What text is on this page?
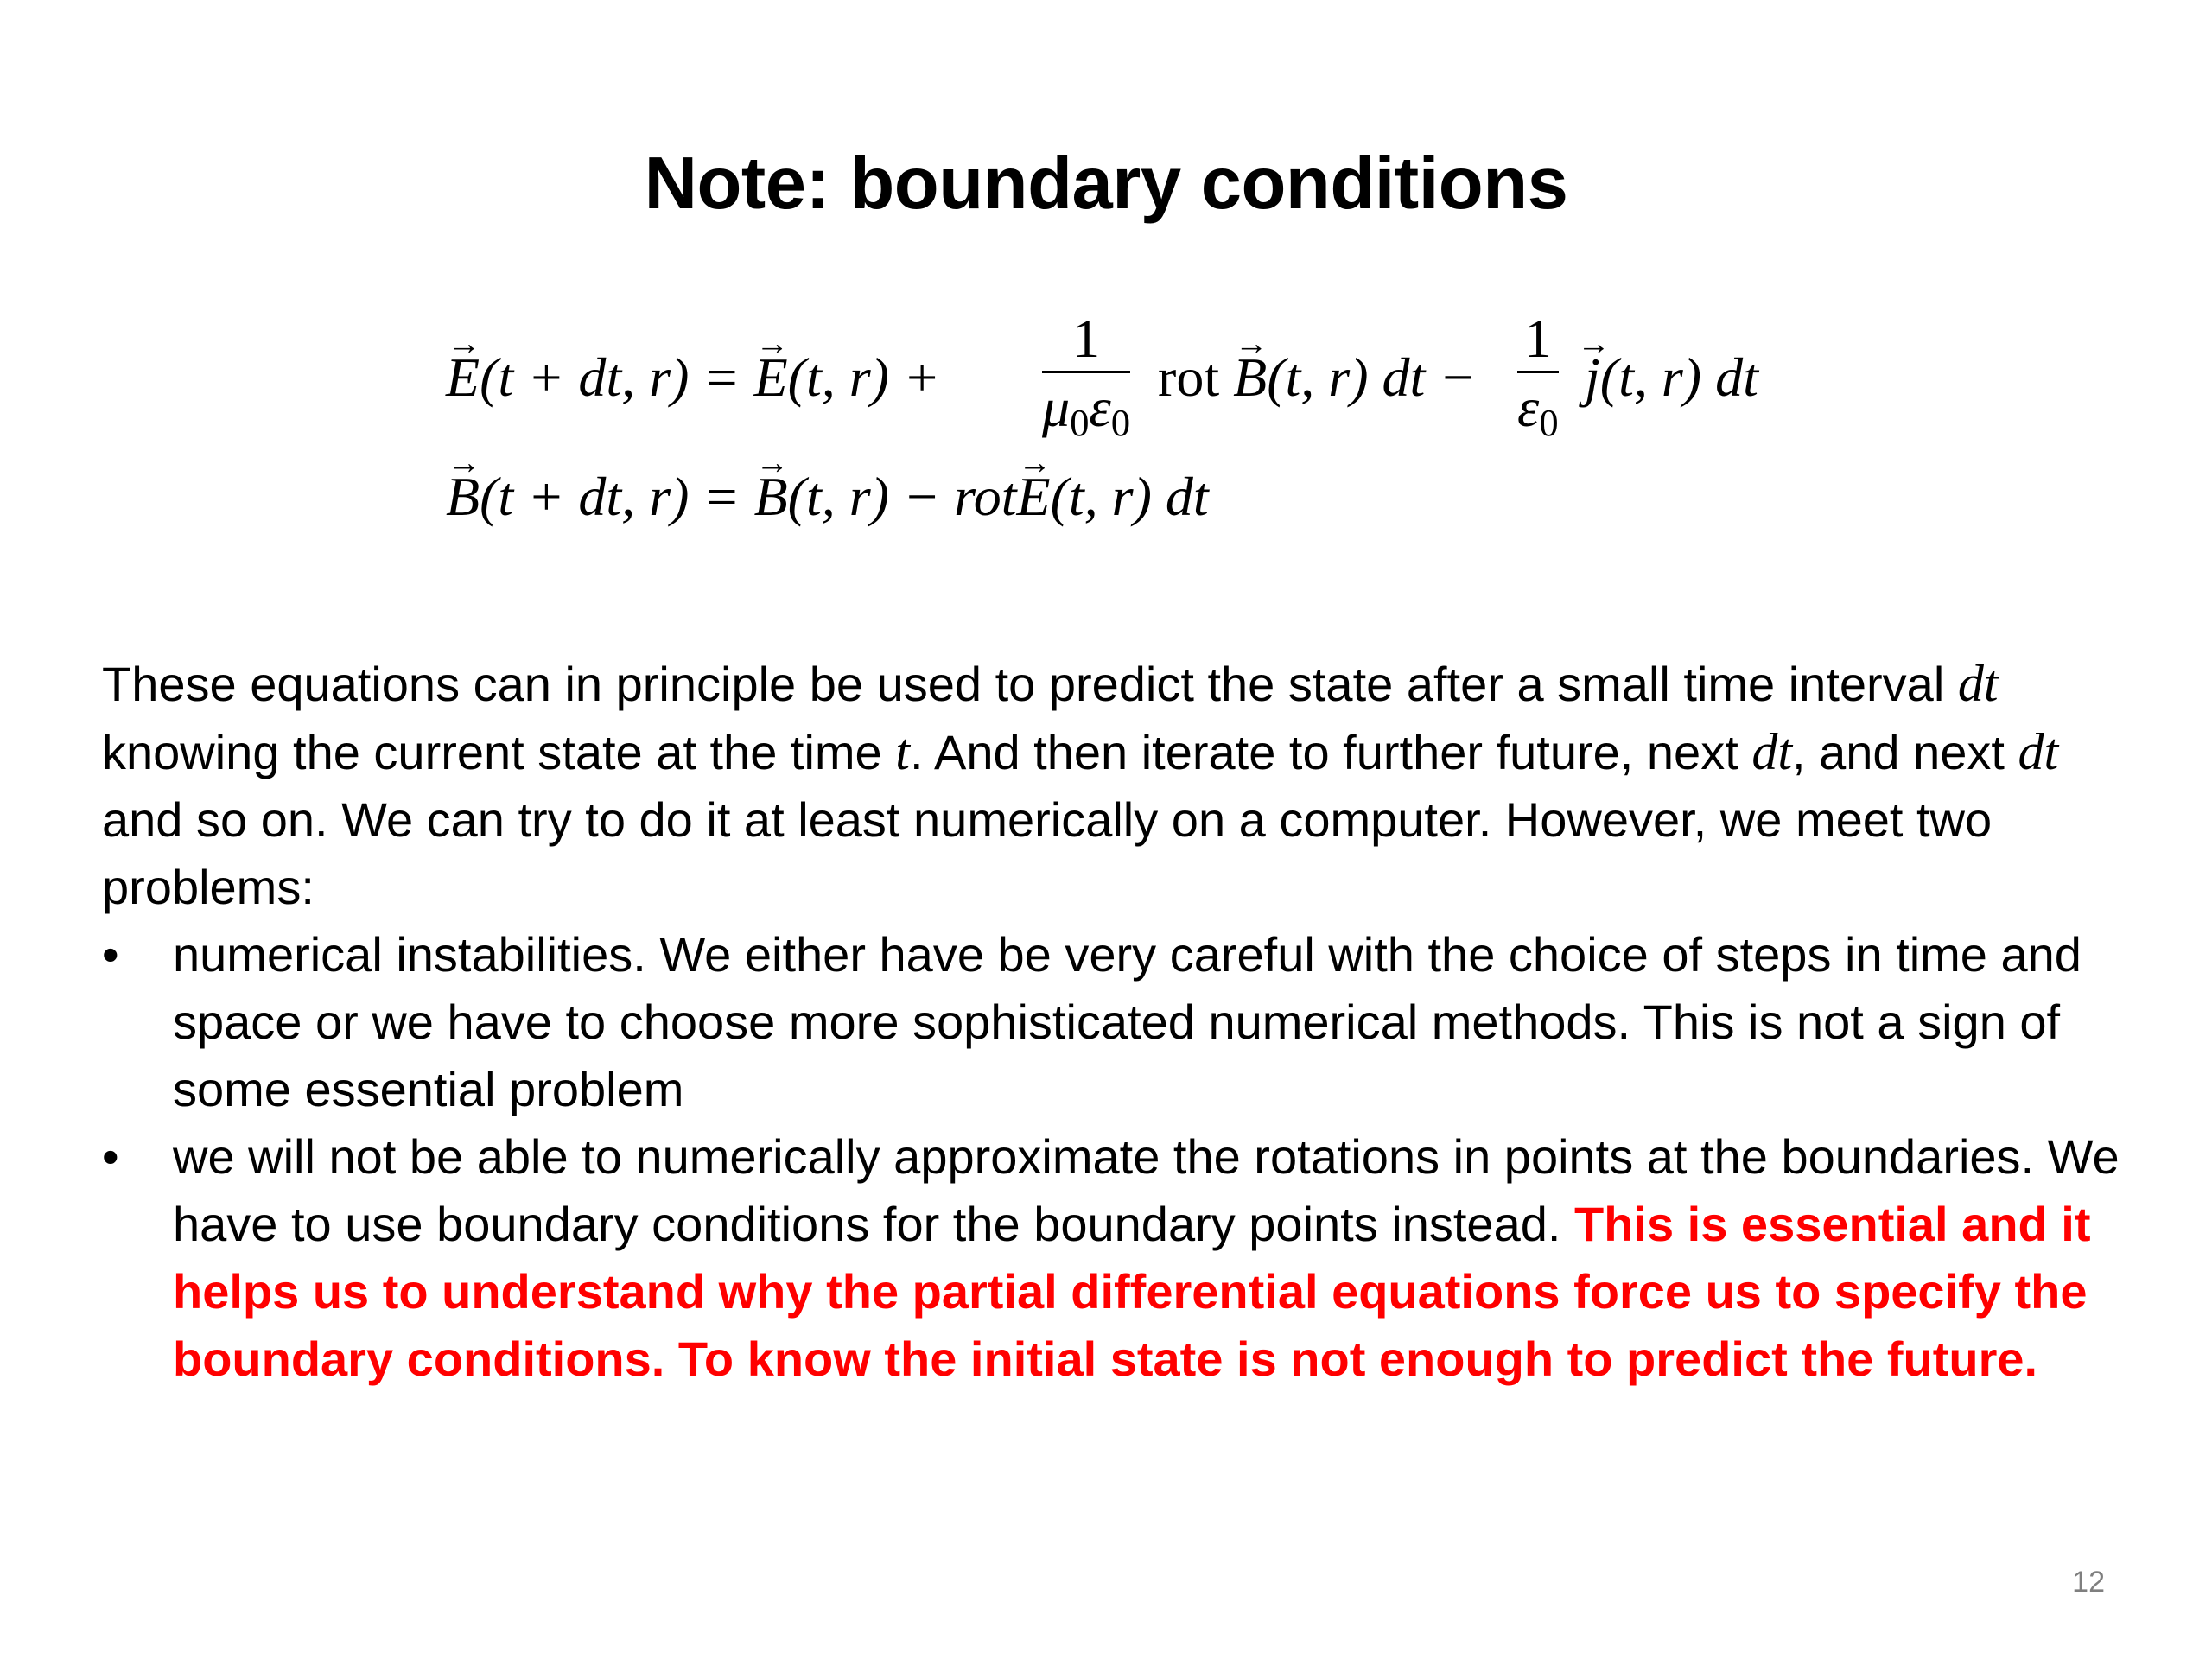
Note: boundary conditions
→ E(t + dt, r) = → E(t, r) +
1
$\mu_0\varepsilon_0$
rot → B(t, r) dt −
1
$\varepsilon_0$
→ j(t, r) dt
→ B(t + dt, r) = → B(t, r) − rot→ E(t, r) dt

These equations can in principle be used to predict the state after a small time interval dt knowing the current state at the time t. And then iterate to further future, next dt, and next dt and so on. We can try to do it at least numerically on a computer. However, we meet two problems:

•	numerical instabilities. We either have be very careful with the choice of steps in time and space or we have to choose more sophisticated numerical methods. This is not a sign of some essential problem
•	we will not be able to numerically approximate the rotations in points at the boundaries. We have to use boundary conditions for the boundary points instead. This is essential and it helps us to understand why the partial differential equations force us to specify the boundary conditions. To know the initial state is not enough to predict the future.
12
